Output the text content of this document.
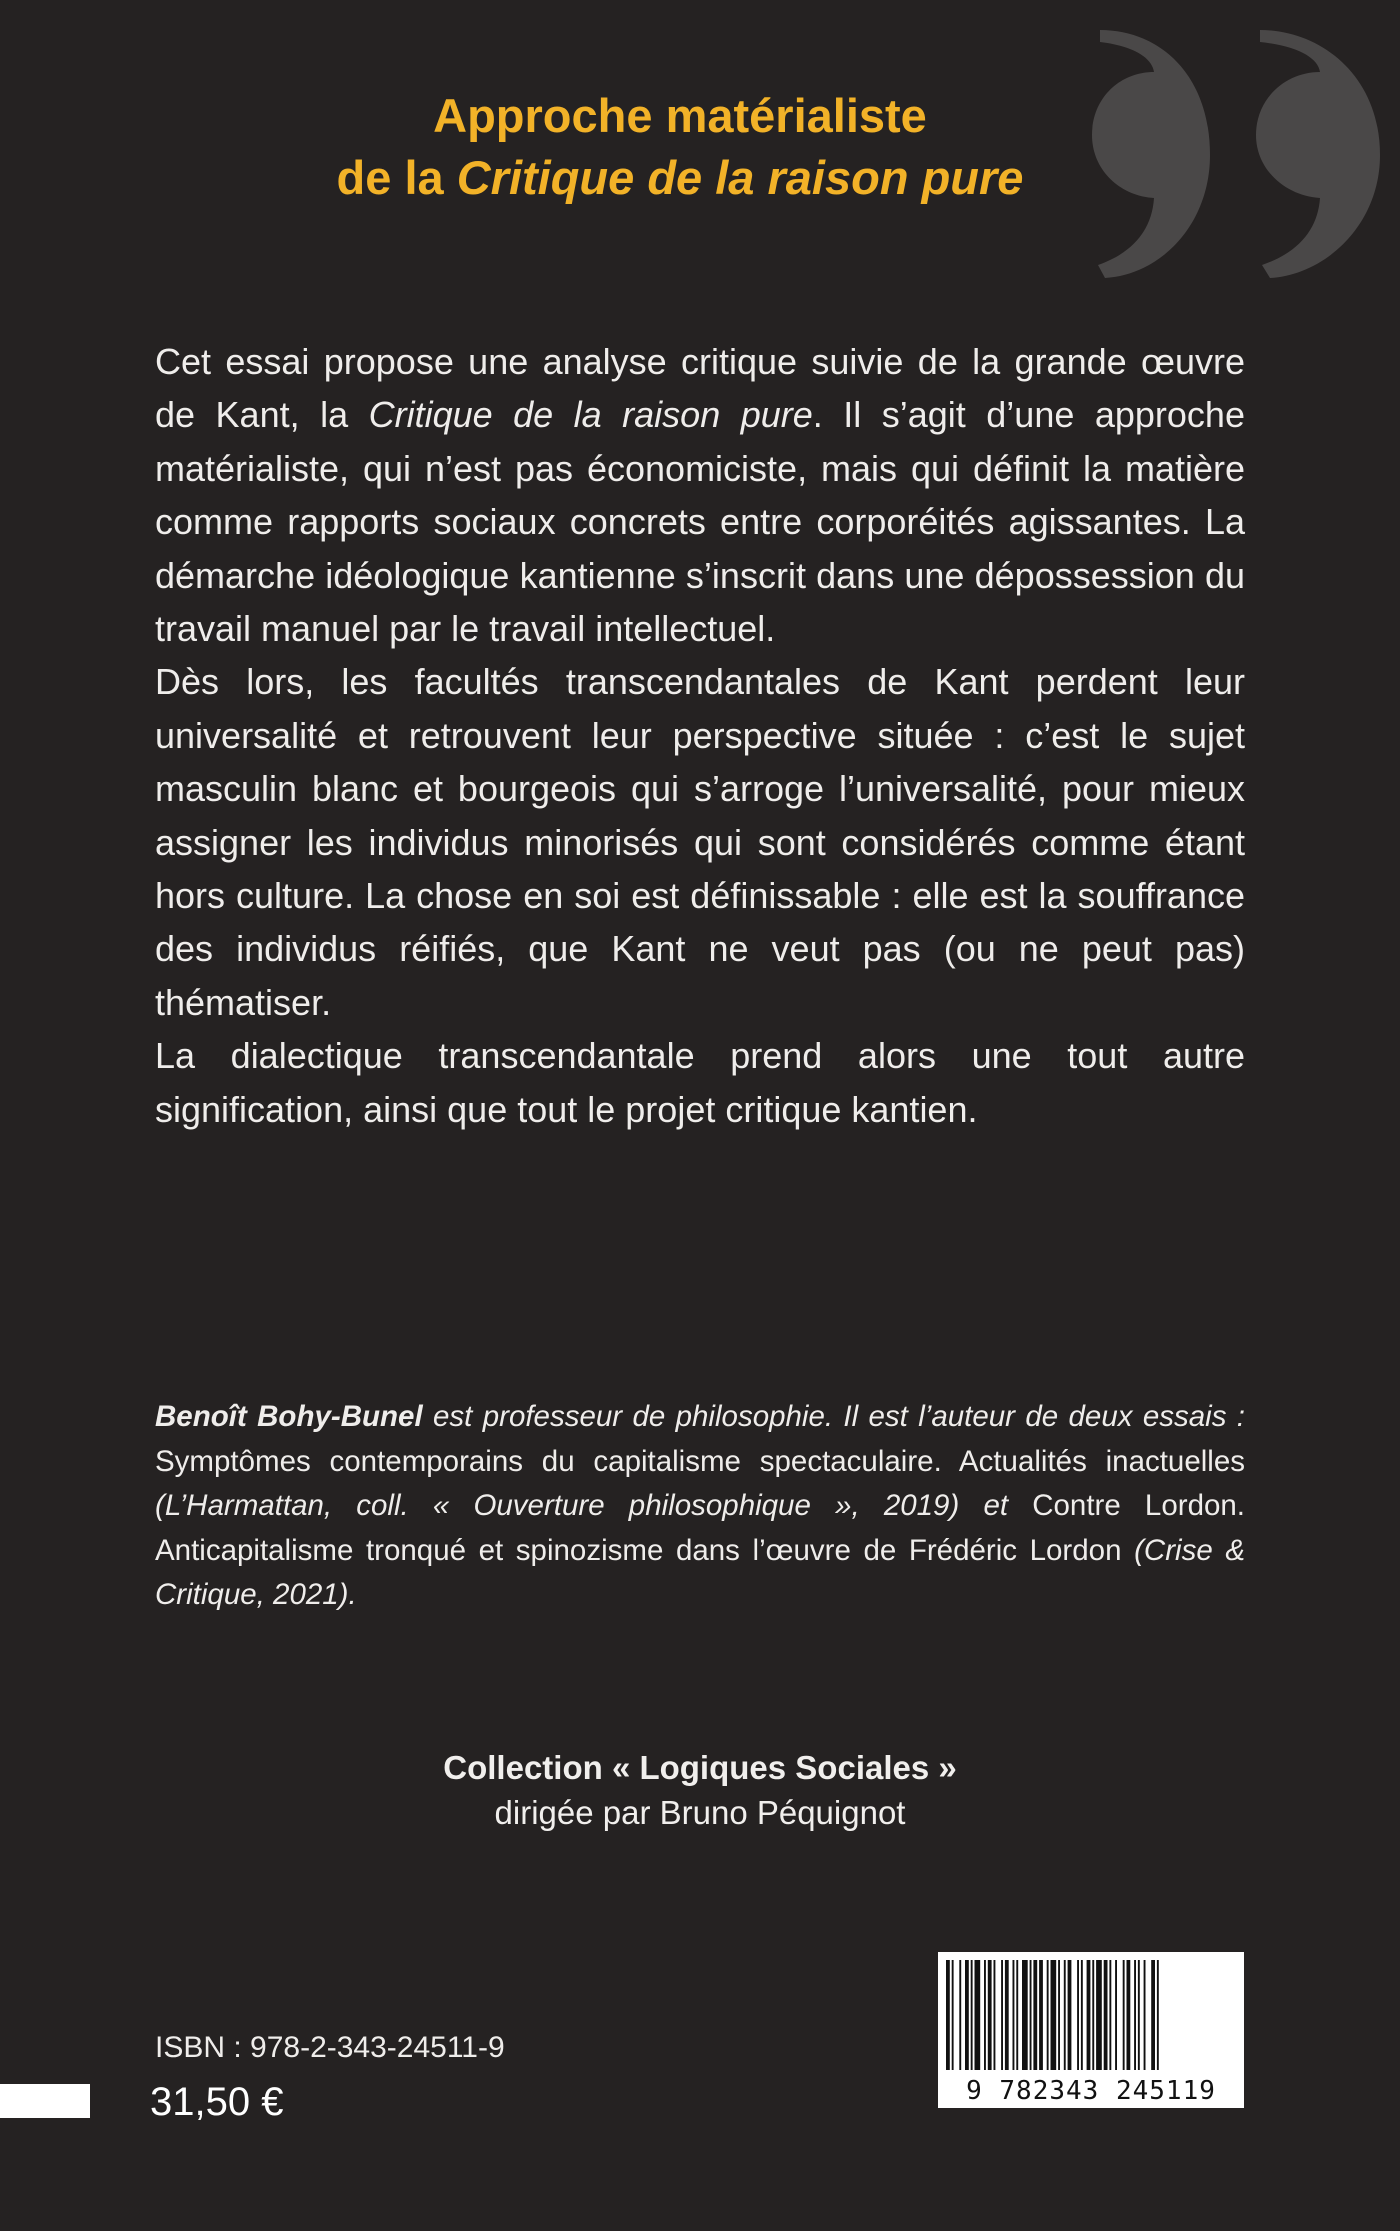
Approche matérialiste
de la Critique de la raison pure

Cet essai propose une analyse critique suivie de la grande œuvre de Kant, la Critique de la raison pure. Il s’agit d’une approche matérialiste, qui n’est pas économiciste, mais qui définit la matière comme rapports sociaux concrets entre corporéités agissantes. La démarche idéologique kantienne s’inscrit dans une dépossession du travail manuel par le travail intellectuel.

Dès lors, les facultés transcendantales de Kant perdent leur universalité et retrouvent leur perspective située : c’est le sujet masculin blanc et bourgeois qui s’arroge l’universalité, pour mieux assigner les individus minorisés qui sont considérés comme étant hors culture. La chose en soi est définissable : elle est la souffrance des individus réifiés, que Kant ne veut pas (ou ne peut pas) thématiser.

La dialectique transcendantale prend alors une tout autre signification, ainsi que tout le projet critique kantien.

Benoît Bohy-Bunel est professeur de philosophie. Il est l’auteur de deux essais : Symptômes contemporains du capitalisme spectaculaire. Actualités inactuelles (L’Harmattan, coll. « Ouverture philosophique », 2019) et Contre Lordon. Anticapitalisme tronqué et spinozisme dans l’œuvre de Frédéric Lordon (Crise & Critique, 2021).

Collection « Logiques Sociales »
dirigée par Bruno Péquignot
9 782343 245119
ISBN : 978-2-343-24511-9
31,50 €
